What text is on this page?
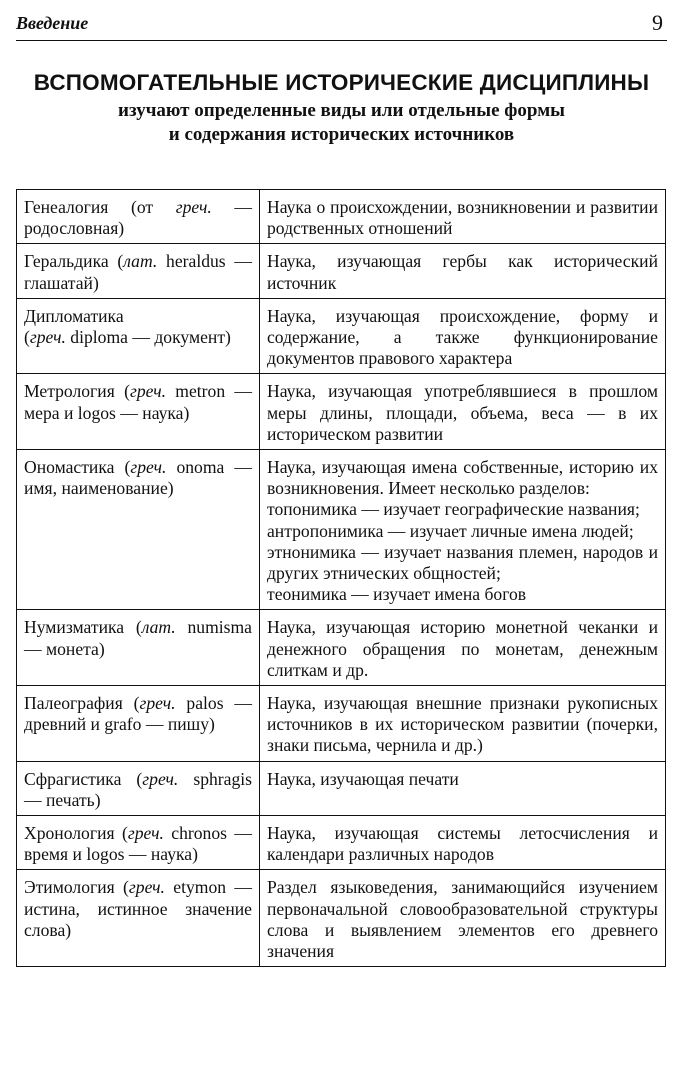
Введение	9
ВСПОМОГАТЕЛЬНЫЕ ИСТОРИЧЕСКИЕ ДИСЦИПЛИНЫ
изучают определенные виды или отдельные формы
и содержания исторических источников
Генеалогия (от греч. — родословная)	Наука о происхождении, возникновении и развитии родственных отношений

Геральдика (лат. heraldus — глашатай)	Наука, изучающая гербы как исторический источник

Дипломатика
(греч. diploma — документ)	Наука, изучающая происхождение, форму и содержание, а также функционирование документов правового характера

Метрология (греч. metron — мера и logos — наука)	Наука, изучающая употреблявшиеся в прошлом меры длины, площади, объема, веса — в их историческом развитии

Ономастика (греч. onoma — имя, наименование)	Наука, изучающая имена собственные, историю их возникновения. Имеет несколько разделов:
топонимика — изучает географические названия;
антропонимика — изучает личные имена людей;
этнонимика — изучает названия племен, народов и других этнических общностей;
теонимика — изучает имена богов

Нумизматика (лат. numisma — монета)	Наука, изучающая историю монетной чеканки и денежного обращения по монетам, денежным слиткам и др.

Палеография (греч. palos — древний и grafo — пишу)	Наука, изучающая внешние признаки рукописных источников в их историческом развитии (почерки, знаки письма, чернила и др.)

Сфрагистика (греч. sphragis — печать)	Наука, изучающая печати

Хронология (греч. chronos — время и logos — наука)	Наука, изучающая системы летосчисления и календари различных народов

Этимология (греч. etymon — истина, истинное значение слова)	Раздел языковедения, занимающийся изучением первоначальной словообразовательной структуры слова и выявлением элементов его древнего значения
